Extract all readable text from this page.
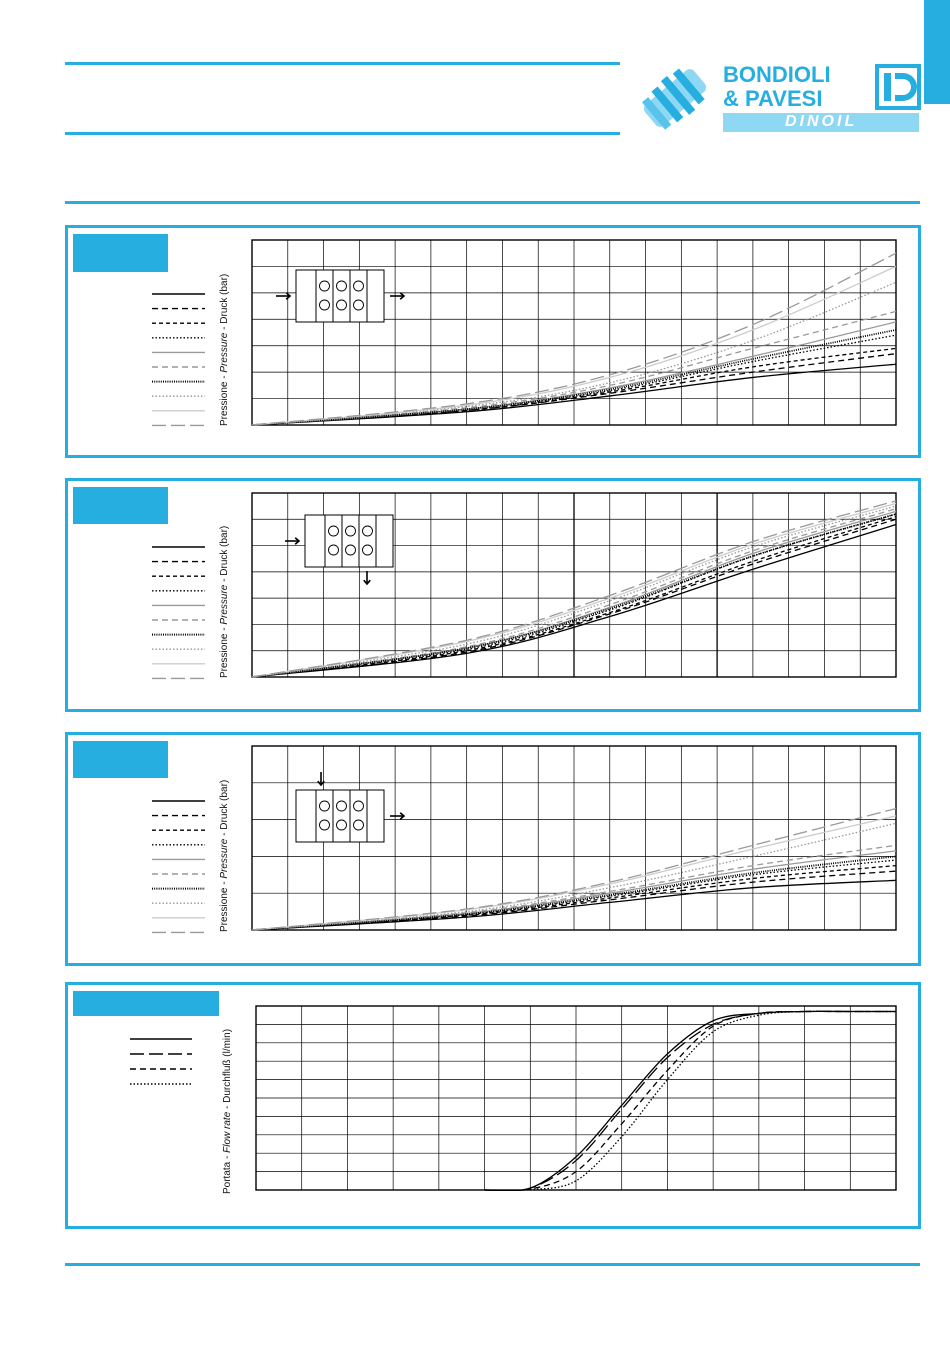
BONDIOLI
& PAVESI
DINOIL
Pressione - Pressure - Druck (bar)
Pressione - Pressure - Druck (bar)
Pressione - Pressure - Druck (bar)
Portata - Flow rate - Durchfluß (l/min)
